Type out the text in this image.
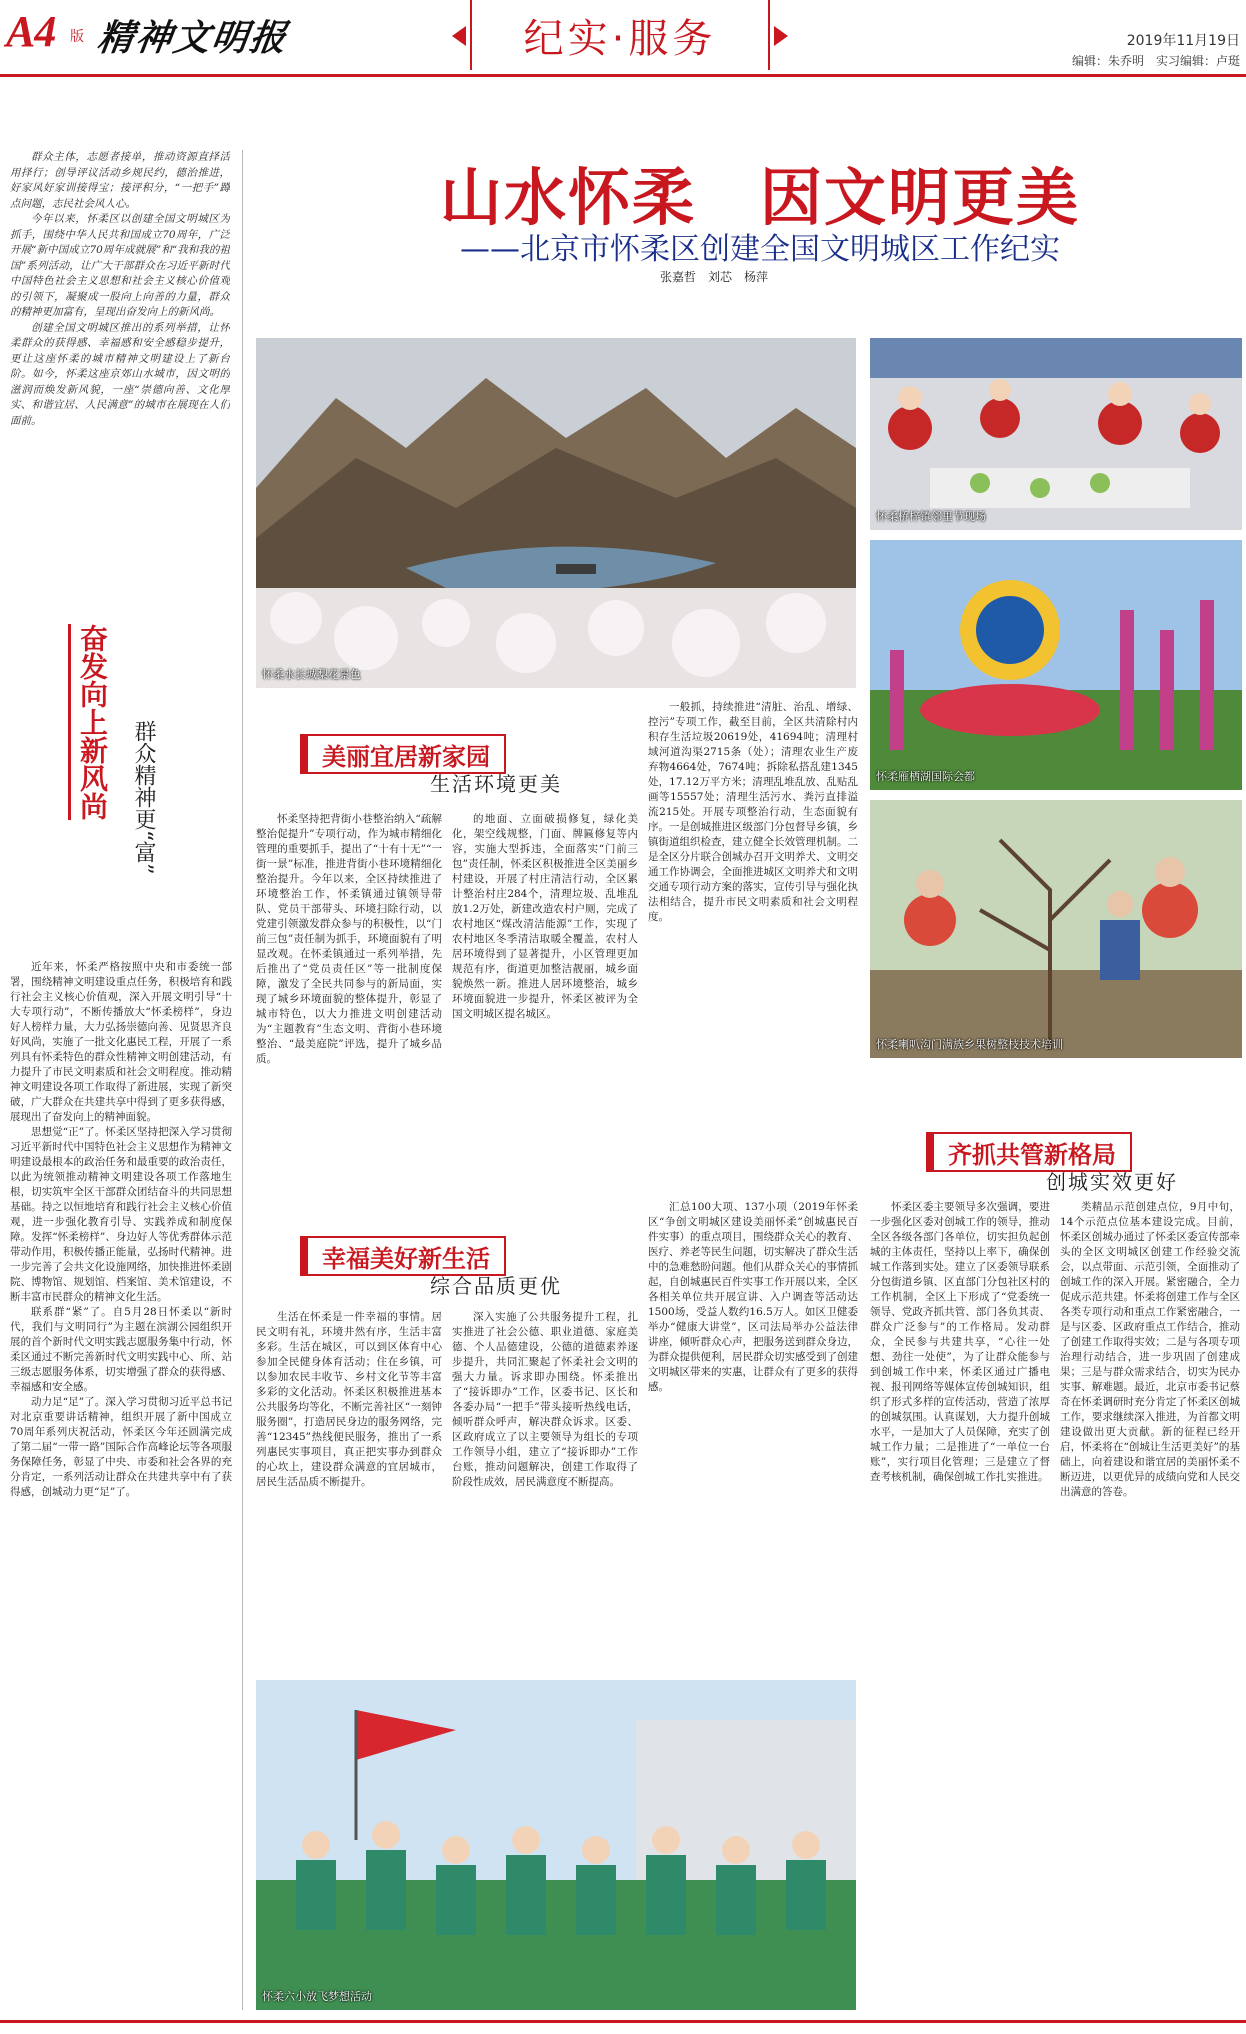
A4 版 精神文明报	纪实·服务	2019年11月19日
编辑：朱乔明　实习编辑：卢珽
山水怀柔　因文明更美
——北京市怀柔区创建全国文明城区工作纪实
张嘉哲　刘芯　杨萍

群众主体，志愿者接单，推动资源直择活用择行；创导评议活动乡规民约，德治推进，好家风好家训接得宝；接评积分，“一把手”蹲点问题，志民社会风人心。

今年以来，怀柔区以创建全国文明城区为抓手，围绕中华人民共和国成立70周年，广泛开展“新中国成立70周年成就展”和“我和我的祖国”系列活动，让广大干部群众在习近平新时代中国特色社会主义思想和社会主义核心价值观的引领下，凝聚成一股向上向善的力量，群众的精神更加富有，呈现出奋发向上的新风尚。

创建全国文明城区推出的系列举措，让怀柔群众的获得感、幸福感和安全感稳步提升，更让这座怀柔的城市精神文明建设上了新台阶。如今，怀柔这座京郊山水城市，因文明的滋润而焕发新风貌，一座“崇德向善、文化厚实、和谐宜居、人民满意”的城市在展现在人们面前。

奋发向上新风尚	群众精神更“富”

近年来，怀柔严格按照中央和市委统一部署，围绕精神文明建设重点任务，积极培育和践行社会主义核心价值观，深入开展文明引导“十大专项行动”，不断传播放大“怀柔榜样”，身边好人榜样力量，大力弘扬崇德向善、见贤思齐良好风尚，实施了一批文化惠民工程，开展了一系列具有怀柔特色的群众性精神文明创建活动，有力提升了市民文明素质和社会文明程度。推动精神文明建设各项工作取得了新进展，实现了新突破，广大群众在共建共享中得到了更多获得感，展现出了奋发向上的精神面貌。

思想觉“正”了。怀柔区坚持把深入学习贯彻习近平新时代中国特色社会主义思想作为精神文明建设最根本的政治任务和最重要的政治责任，以此为统领推动精神文明建设各项工作落地生根，切实筑牢全区干部群众团结奋斗的共同思想基础。持之以恒地培育和践行社会主义核心价值观，进一步强化教育引导、实践养成和制度保障。发挥“怀柔榜样”、身边好人等优秀群体示范带动作用，积极传播正能量，弘扬时代精神。进一步完善了会共文化设施网络，加快推进怀柔剧院、博物馆、规划馆、档案馆、美术馆建设，不断丰富市民群众的精神文化生活。

联系群“紧”了。自5月28日怀柔以“新时代，我们与文明同行”为主题在滨湖公园组织开展的首个新时代文明实践志愿服务集中行动，怀柔区通过不断完善新时代文明实践中心、所、站三级志愿服务体系，切实增强了群众的获得感、幸福感和安全感。

动力足“足”了。深入学习贯彻习近平总书记对北京重要讲话精神，组织开展了新中国成立70周年系列庆祝活动，怀柔区今年还圆满完成了第二届“一带一路”国际合作高峰论坛等各项服务保障任务，彰显了中央、市委和社会各界的充分肯定，一系列活动让群众在共建共享中有了获得感，创城动力更“足”了。

怀柔水长城梨花景色
怀柔桥梓镇邻里节现场
怀柔雁栖湖国际会都
怀柔喇叭沟门满族乡果树整枝技术培训
美丽宜居新家园
生活环境更美

怀柔坚持把背街小巷整治纳入“疏解整治促提升”专项行动，作为城市精细化管理的重要抓手，提出了“十有十无”“一街一景”标准，推进背街小巷环境精细化整治提升。今年以来，全区持续推进了环境整治工作，怀柔镇通过镇领导带队、党员干部带头、环境扫除行动，以党建引领激发群众参与的积极性，以“门前三包”责任制为抓手，环境面貌有了明显改观。在怀柔镇通过一系列举措，先后推出了“党员责任区”等一批制度保障，激发了全民共同参与的新局面，实现了城乡环境面貌的整体提升，彰显了城市特色，以大力推进文明创建活动为“主题教育”生态文明、背街小巷环境整治、“最美庭院”评选，提升了城乡品质。

的地面、立面破损修复，绿化美化，架空线规整，门面、牌匾修复等内容，实施大型拆违，全面落实“门前三包”责任制，怀柔区积极推进全区美丽乡村建设，开展了村庄清洁行动，全区累计整治村庄284个，清理垃圾、乱堆乱放1.2万处，新建改造农村户厕，完成了农村地区“煤改清洁能源”工作，实现了农村地区冬季清洁取暖全覆盖，农村人居环境得到了显著提升，小区管理更加规范有序，街道更加整洁靓丽，城乡面貌焕然一新。推进人居环境整治，城乡环境面貌进一步提升，怀柔区被评为全国文明城区提名城区。

一般抓，持续推进“清脏、治乱、增绿、控污”专项工作，截至目前，全区共清除村内积存生活垃圾20619处，41694吨；清理村域河道沟渠2715条（处）；清理农业生产废弃物4664处，7674吨；拆除私搭乱建1345处，17.12万平方米；清理乱堆乱放、乱贴乱画等15557处；清理生活污水、粪污直排溢流215处。开展专项整治行动，生态面貌有序。一是创城推进区级部门分包督导乡镇，乡镇街道组织检查，建立健全长效管理机制。二是全区分片联合创城办召开文明养犬、文明交通工作协调会，全面推进城区文明养犬和文明交通专项行动方案的落实，宣传引导与强化执法相结合，提升市民文明素质和社会文明程度。

齐抓共管新格局
创城实效更好
幸福美好新生活
综合品质更优

生活在怀柔是一件幸福的事情。居民文明有礼，环境井然有序，生活丰富多彩。生活在城区，可以到区体育中心参加全民健身体育活动；住在乡镇，可以参加农民丰收节、乡村文化节等丰富多彩的文化活动。怀柔区积极推进基本公共服务均等化，不断完善社区“一刻钟服务圈”，打造居民身边的服务网络，完善“12345”热线便民服务，推出了一系列惠民实事项目，真正把实事办到群众的心坎上，建设群众满意的宜居城市，居民生活品质不断提升。

深入实施了公共服务提升工程，扎实推进了社会公德、职业道德、家庭美德、个人品德建设，公德的道德素养逐步提升，共同汇聚起了怀柔社会文明的强大力量。诉求即办围绕。怀柔推出了“接诉即办”工作，区委书记、区长和各委办局“一把手”带头接听热线电话，倾听群众呼声，解决群众诉求。区委、区政府成立了以主要领导为组长的专项工作领导小组，建立了“接诉即办”工作台账，推动问题解决，创建工作取得了阶段性成效，居民满意度不断提高。

汇总100大项、137小项（2019年怀柔区“争创文明城区建设美丽怀柔”创城惠民百件实事）的重点项目，围绕群众关心的教育、医疗、养老等民生问题，切实解决了群众生活中的急难愁盼问题。他们从群众关心的事情抓起，自创城惠民百件实事工作开展以来，全区各相关单位共开展宣讲、入户调查等活动达1500场，受益人数约16.5万人。如区卫健委举办“健康大讲堂”，区司法局举办公益法律讲座，倾听群众心声，把服务送到群众身边，为群众提供便利，居民群众切实感受到了创建文明城区带来的实惠，让群众有了更多的获得感。

怀柔区委主要领导多次强调，要进一步强化区委对创城工作的领导，推动全区各级各部门各单位，切实担负起创城的主体责任，坚持以上率下，确保创城工作落到实处。建立了区委领导联系分包街道乡镇、区直部门分包社区村的工作机制，全区上下形成了“党委统一领导、党政齐抓共管、部门各负其责、群众广泛参与”的工作格局。发动群众，全民参与共建共享，“心往一处想、劲往一处使”，为了让群众能参与到创城工作中来，怀柔区通过广播电视、报刊网络等媒体宣传创城知识，组织了形式多样的宣传活动，营造了浓厚的创城氛围。认真谋划，大力提升创城水平，一是加大了人员保障，充实了创城工作力量；二是推进了“一单位一台账”，实行项目化管理；三是建立了督查考核机制，确保创城工作扎实推进。

类精品示范创建点位，9月中旬，14个示范点位基本建设完成。目前，怀柔区创城办通过了怀柔区委宣传部牵头的全区文明城区创建工作经验交流会，以点带面、示范引领，全面推动了创城工作的深入开展。紧密融合，全力促成示范共建。怀柔将创建工作与全区各类专项行动和重点工作紧密融合，一是与区委、区政府重点工作结合，推动了创建工作取得实效；二是与各项专项治理行动结合，进一步巩固了创建成果；三是与群众需求结合，切实为民办实事、解难题。最近，北京市委书记蔡奇在怀柔调研时充分肯定了怀柔区创城工作，要求继续深入推进，为首都文明建设做出更大贡献。新的征程已经开启，怀柔将在“创城让生活更美好”的基础上，向着建设和谐宜居的美丽怀柔不断迈进，以更优异的成绩向党和人民交出满意的答卷。

怀柔六小放飞梦想活动
